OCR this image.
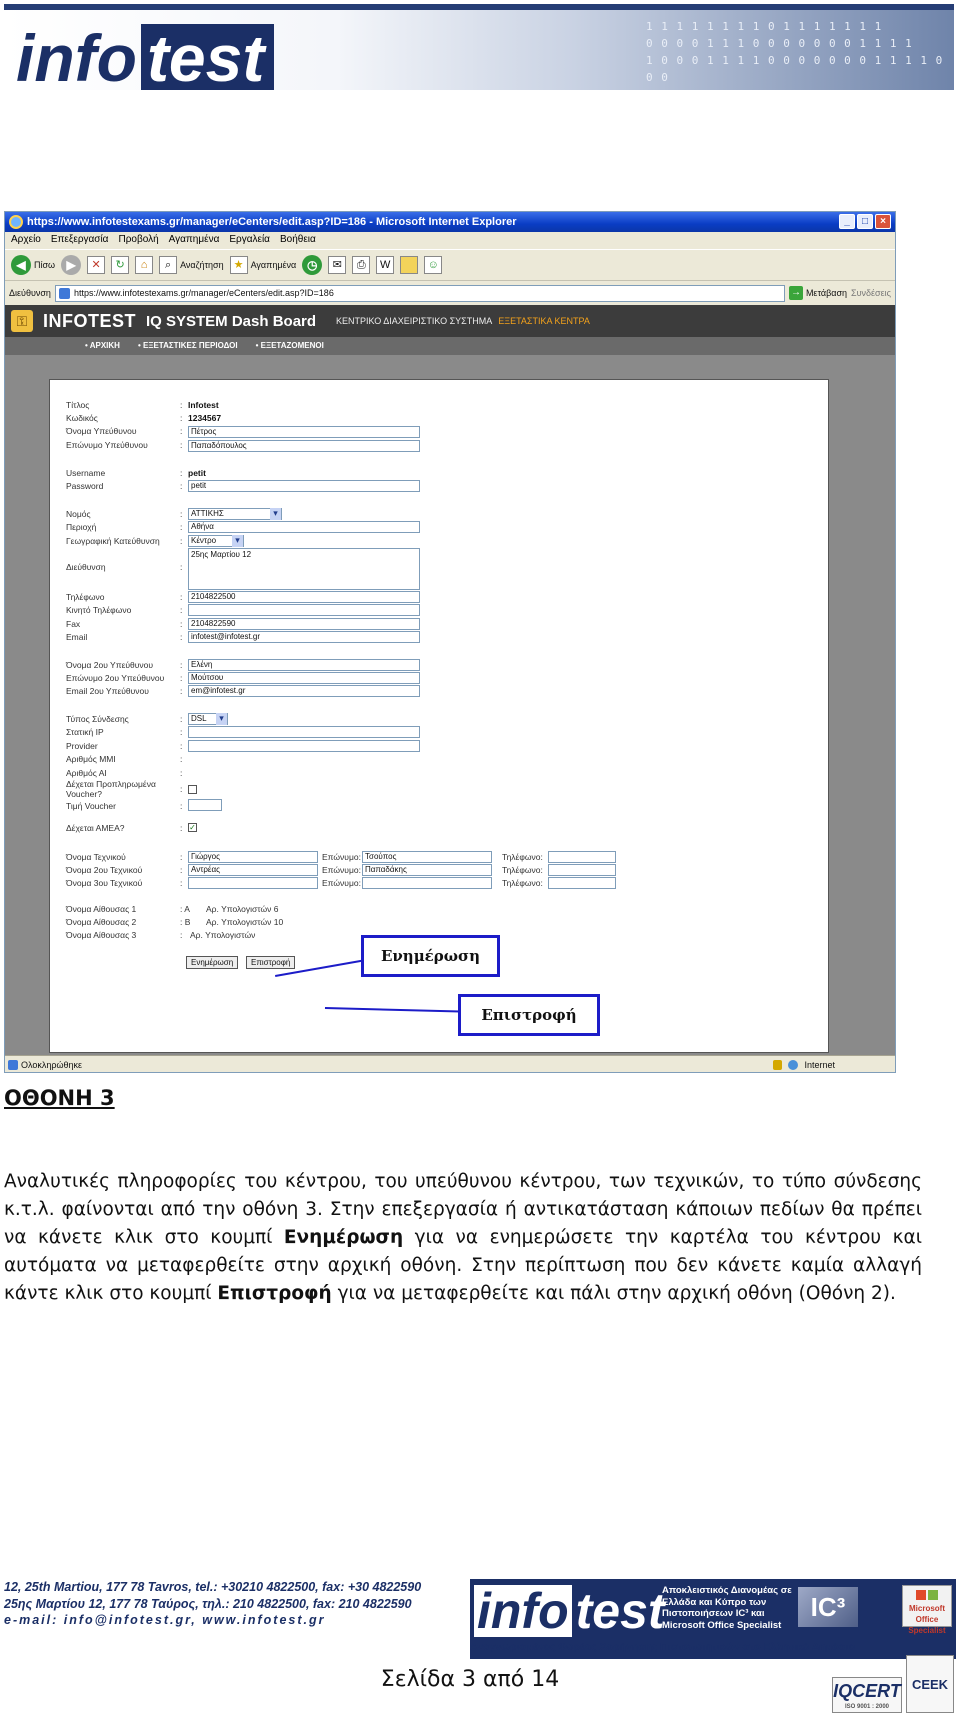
1 1 1 1 1 1 1 1 0 1 1 1 1 1 1 1
0 0 0 0 1 1 1 0 0 0 0 0 0 0 1 1 1 1
1 0 0 0 1 1 1 1 0 0 0 0 0 0 0 1 1 1 1 0 0 0
info test
https://www.infotestexams.gr/manager/eCenters/edit.asp?ID=186 - Microsoft Internet Explorer	_	□	×
Αρχείο Επεξεργασία Προβολή Αγαπημένα Εργαλεία Βοήθεια
◀ Πίσω ▶	✕	↻	⌂	⌕ Αναζήτηση ★ Αγαπημένα ◷	✉	⎙	W	☺
Διεύθυνση	https://www.infotestexams.gr/manager/eCenters/edit.asp?ID=186	→ Μετάβαση Συνδέσεις
⚿ INFOTEST IQ SYSTEM Dash Board ΚΕΝΤΡΙΚΟ ΔΙΑΧΕΙΡΙΣΤΙΚΟ ΣΥΣΤΗΜΑ ΕΞΕΤΑΣΤΙΚΑ ΚΕΝΤΡΑ
• ΑΡΧΙΚΗ • ΕΞΕΤΑΣΤΙΚΕΣ ΠΕΡΙΟΔΟΙ • ΕΞΕΤΑΖΟΜΕΝΟΙ
Τίτλος	: Infotest
Κωδικός	: 1234567
Όνομα Υπεύθυνου	:	Πέτρος
Επώνυμο Υπεύθυνου	:	Παπαδόπουλος
Username	: petit
Password	:	petit
Νομός	:	ΑΤΤΙΚΗΣ ▾
Περιοχή	:	Αθήνα
Γεωγραφική Κατεύθυνση :	Κέντρο ▾
Διεύθυνση	:
25ης Μαρτίου 12
Τηλέφωνο	:	2104822500
Κινητό Τηλέφωνο	:
Fax	:	2104822590
Email	:	infotest@infotest.gr
Όνομα 2ου Υπεύθυνου	:	Ελένη
Επώνυμο 2ου Υπεύθυνου :	Μούτσου
Email 2ου Υπεύθυνου	:	em@infotest.gr
Τύπος Σύνδεσης	:	DSL ▾
Στατική IP	:
Provider	:
Αριθμός ΜΜΙ	:
Αριθμός ΑΙ	:
Δέχεται Προπληρωμένα
Voucher?	:
Τιμή Voucher	:
Δέχεται ΑΜΕΑ?	: ✓
Όνομα Τεχνικού	:	Γιώργος	Επώνυμο: Τσούπος	Τηλέφωνο:
Όνομα 2ου Τεχνικού	:	Αντρέας	Επώνυμο: Παπαδάκης	Τηλέφωνο:
Όνομα 3ου Τεχνικού	:	Επώνυμο:	Τηλέφωνο:
Όνομα Αίθουσας 1	: A Αρ. Υπολογιστών 6
Όνομα Αίθουσας 2	: B Αρ. Υπολογιστών 10
Όνομα Αίθουσας 3	: Αρ. Υπολογιστών
Ενημέρωση	Επιστροφή
Ολοκληρώθηκε	Internet
Ενημέρωση
Επιστροφή
ΟΘΟΝΗ 3
Αναλυτικές πληροφορίες του κέντρου, του υπεύθυνου κέντρου, των τεχνικών, το τύπο σύνδεσης κ.τ.λ. φαίνονται από την οθόνη 3. Στην επεξεργασία ή αντικατάσταση κάποιων πεδίων θα πρέπει να κάνετε κλικ στο κουμπί Ενημέρωση για να ενημερώσετε την καρτέλα του κέντρου και αυτόματα να μεταφερθείτε στην αρχική οθόνη. Στην περίπτωση που δεν κάνετε καμία αλλαγή κάντε κλικ στο κουμπί Επιστροφή για να μεταφερθείτε και πάλι στην αρχική οθόνη (Οθόνη 2).
12, 25th Martiou, 177 78 Tavros, tel.: +30210 4822500, fax: +30 4822590
25ης Μαρτίου 12, 177 78 Ταύρος, τηλ.: 210 4822500, fax: 210 4822590
e-mail: info@infotest.gr, www.infotest.gr	info test
Αποκλειστικός Διανομέας σε Ελλάδα και Κύπρο των Πιστοποιήσεων IC³ και Microsoft Office Specialist
IC³	Microsoft Office Specialist
Αναγνωρισμένος Φορέας Χορήγησης Πιστοποιητικών στο Ελληνικό Δημόσιο
Σελίδα 3 από 14	IQCERT
ISO 9001 : 2000
CEEK
